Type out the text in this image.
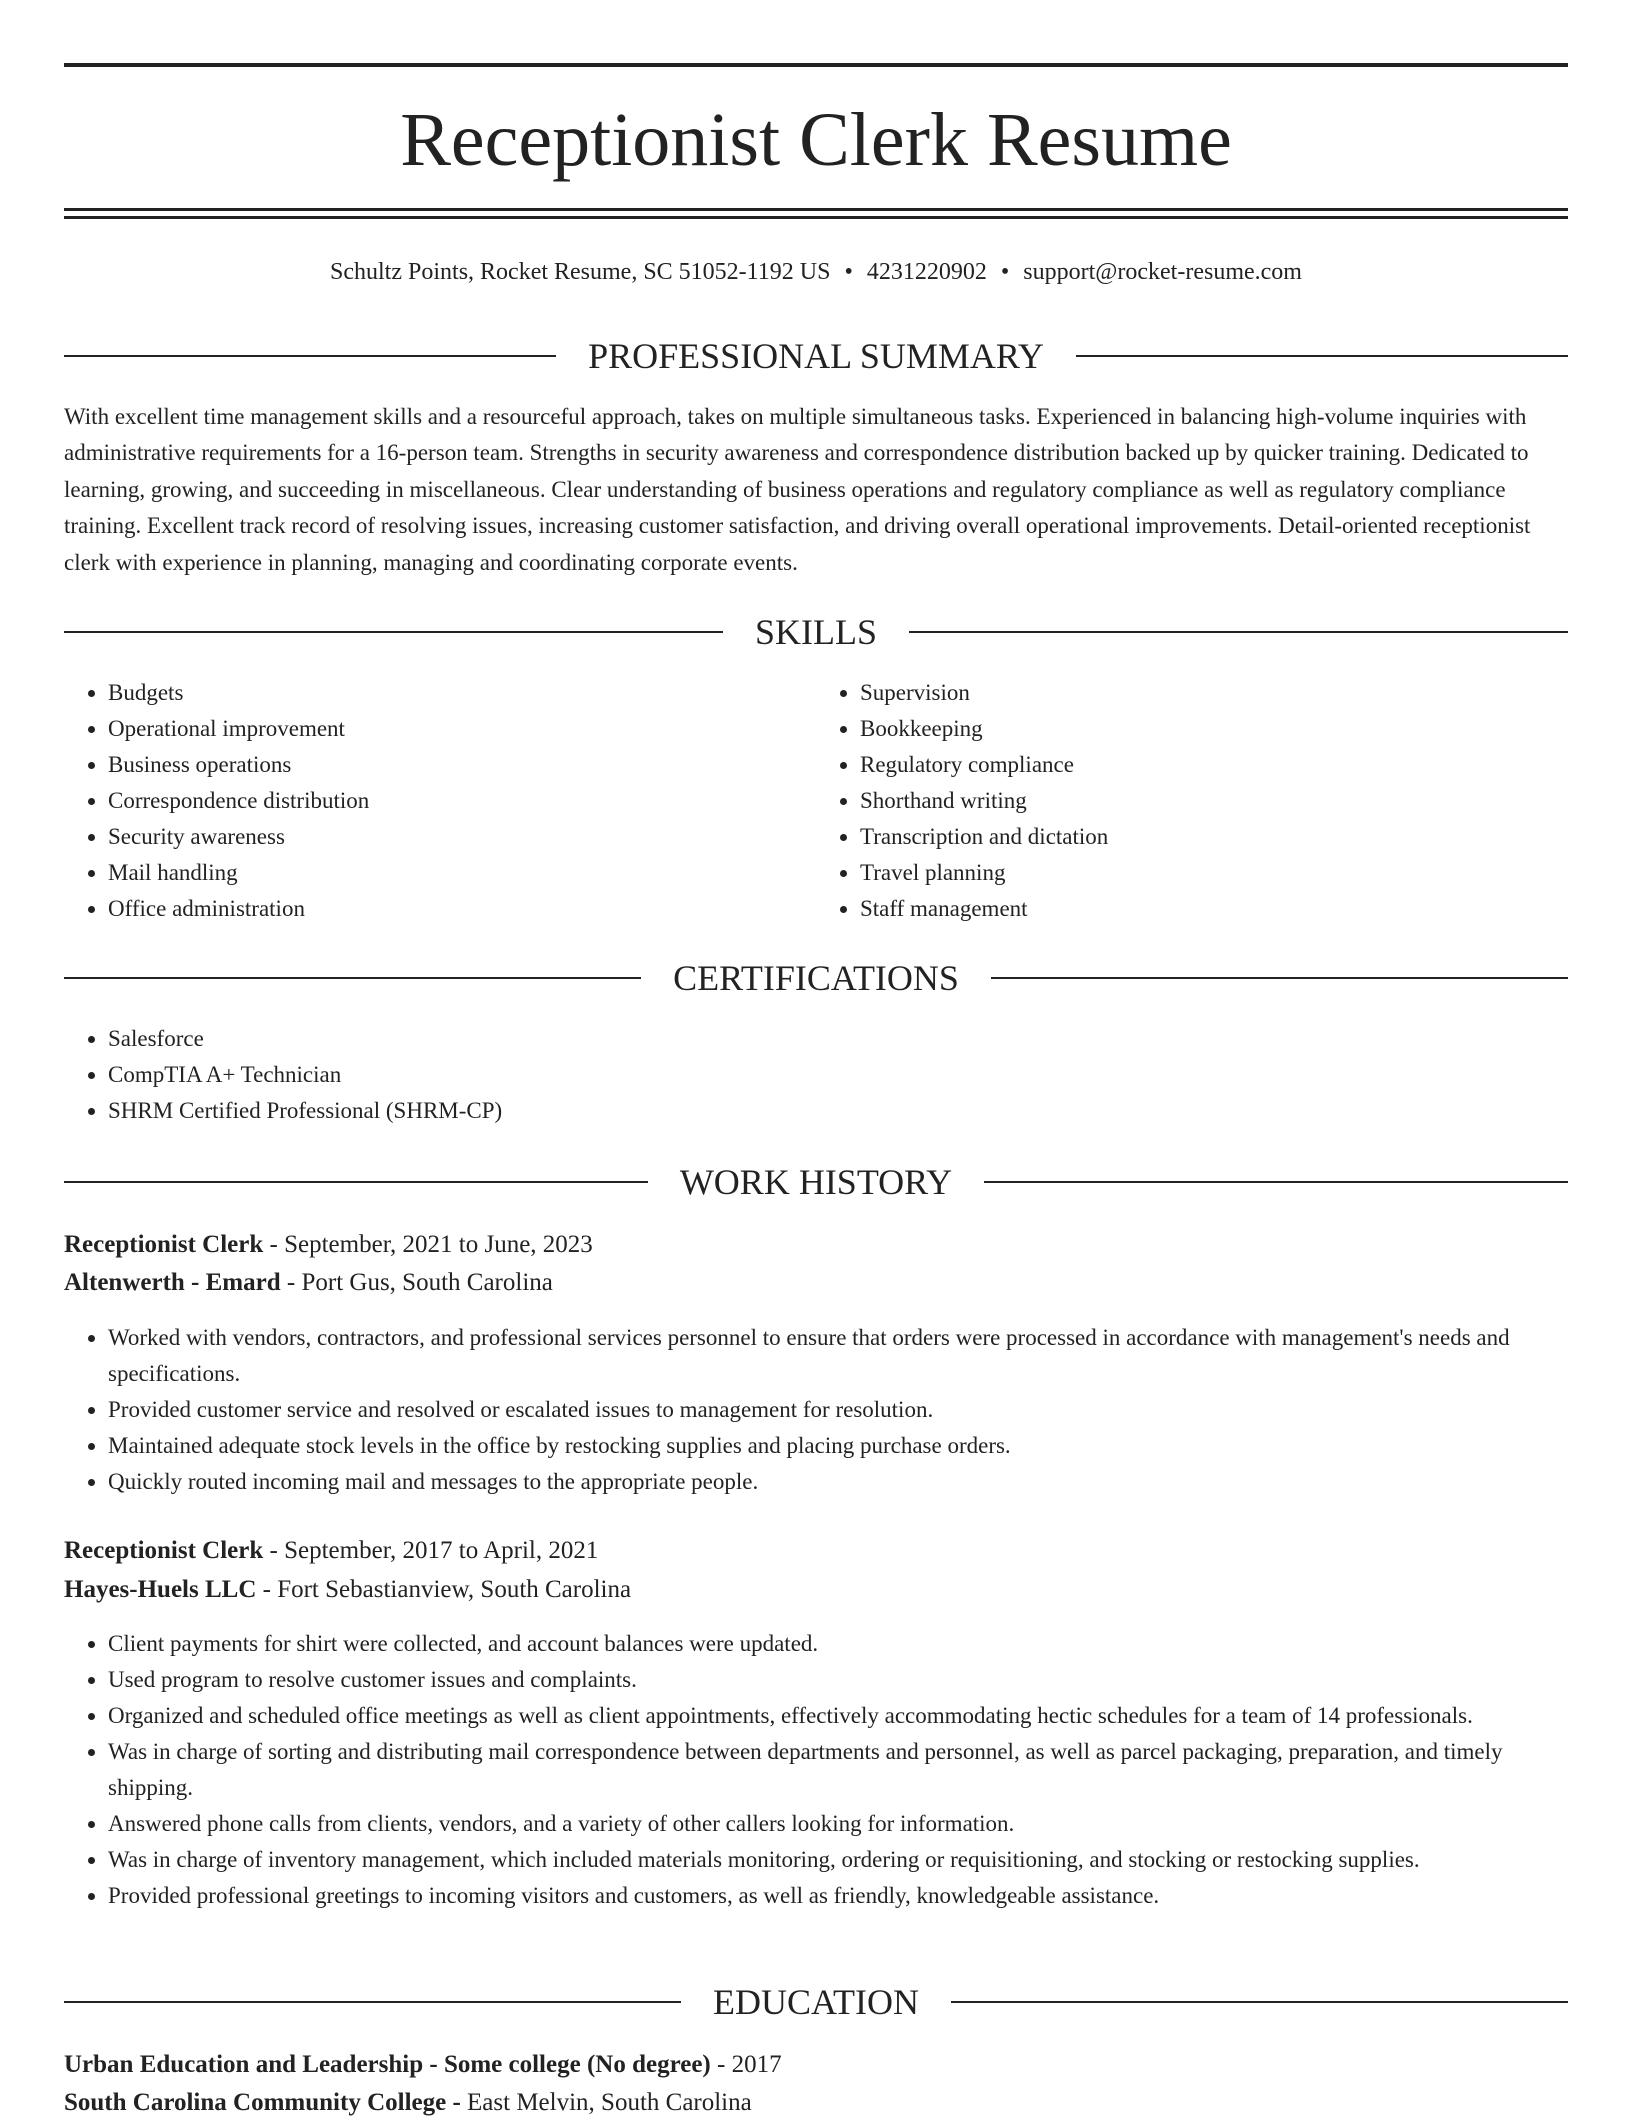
Receptionist Clerk Resume
Schultz Points, Rocket Resume, SC 51052-1192 US • 4231220902 • support@rocket-resume.com
PROFESSIONAL SUMMARY

With excellent time management skills and a resourceful approach, takes on multiple simultaneous tasks. Experienced in balancing high-volume inquiries with administrative requirements for a 16-person team. Strengths in security awareness and correspondence distribution backed up by quicker training. Dedicated to learning, growing, and succeeding in miscellaneous. Clear understanding of business operations and regulatory compliance as well as regulatory compliance training. Excellent track record of resolving issues, increasing customer satisfaction, and driving overall operational improvements. Detail-oriented receptionist clerk with experience in planning, managing and coordinating corporate events.

SKILLS
• Budgets
• Operational improvement
• Business operations
• Correspondence distribution
• Security awareness
• Mail handling
• Office administration
• Supervision
• Bookkeeping
• Regulatory compliance
• Shorthand writing
• Transcription and dictation
• Travel planning
• Staff management
CERTIFICATIONS
• Salesforce
• CompTIA A+ Technician
• SHRM Certified Professional (SHRM-CP)
WORK HISTORY
Receptionist Clerk - September, 2021 to June, 2023
Altenwerth - Emard - Port Gus, South Carolina
• Worked with vendors, contractors, and professional services personnel to ensure that orders were processed in accordance with management's needs and specifications.
• Provided customer service and resolved or escalated issues to management for resolution.
• Maintained adequate stock levels in the office by restocking supplies and placing purchase orders.
• Quickly routed incoming mail and messages to the appropriate people.
Receptionist Clerk - September, 2017 to April, 2021
Hayes-Huels LLC - Fort Sebastianview, South Carolina
• Client payments for shirt were collected, and account balances were updated.
• Used program to resolve customer issues and complaints.
• Organized and scheduled office meetings as well as client appointments, effectively accommodating hectic schedules for a team of 14 professionals.
• Was in charge of sorting and distributing mail correspondence between departments and personnel, as well as parcel packaging, preparation, and timely shipping.
• Answered phone calls from clients, vendors, and a variety of other callers looking for information.
• Was in charge of inventory management, which included materials monitoring, ordering or requisitioning, and stocking or restocking supplies.
• Provided professional greetings to incoming visitors and customers, as well as friendly, knowledgeable assistance.
EDUCATION
Urban Education and Leadership - Some college (No degree) - 2017
South Carolina Community College - East Melvin, South Carolina
